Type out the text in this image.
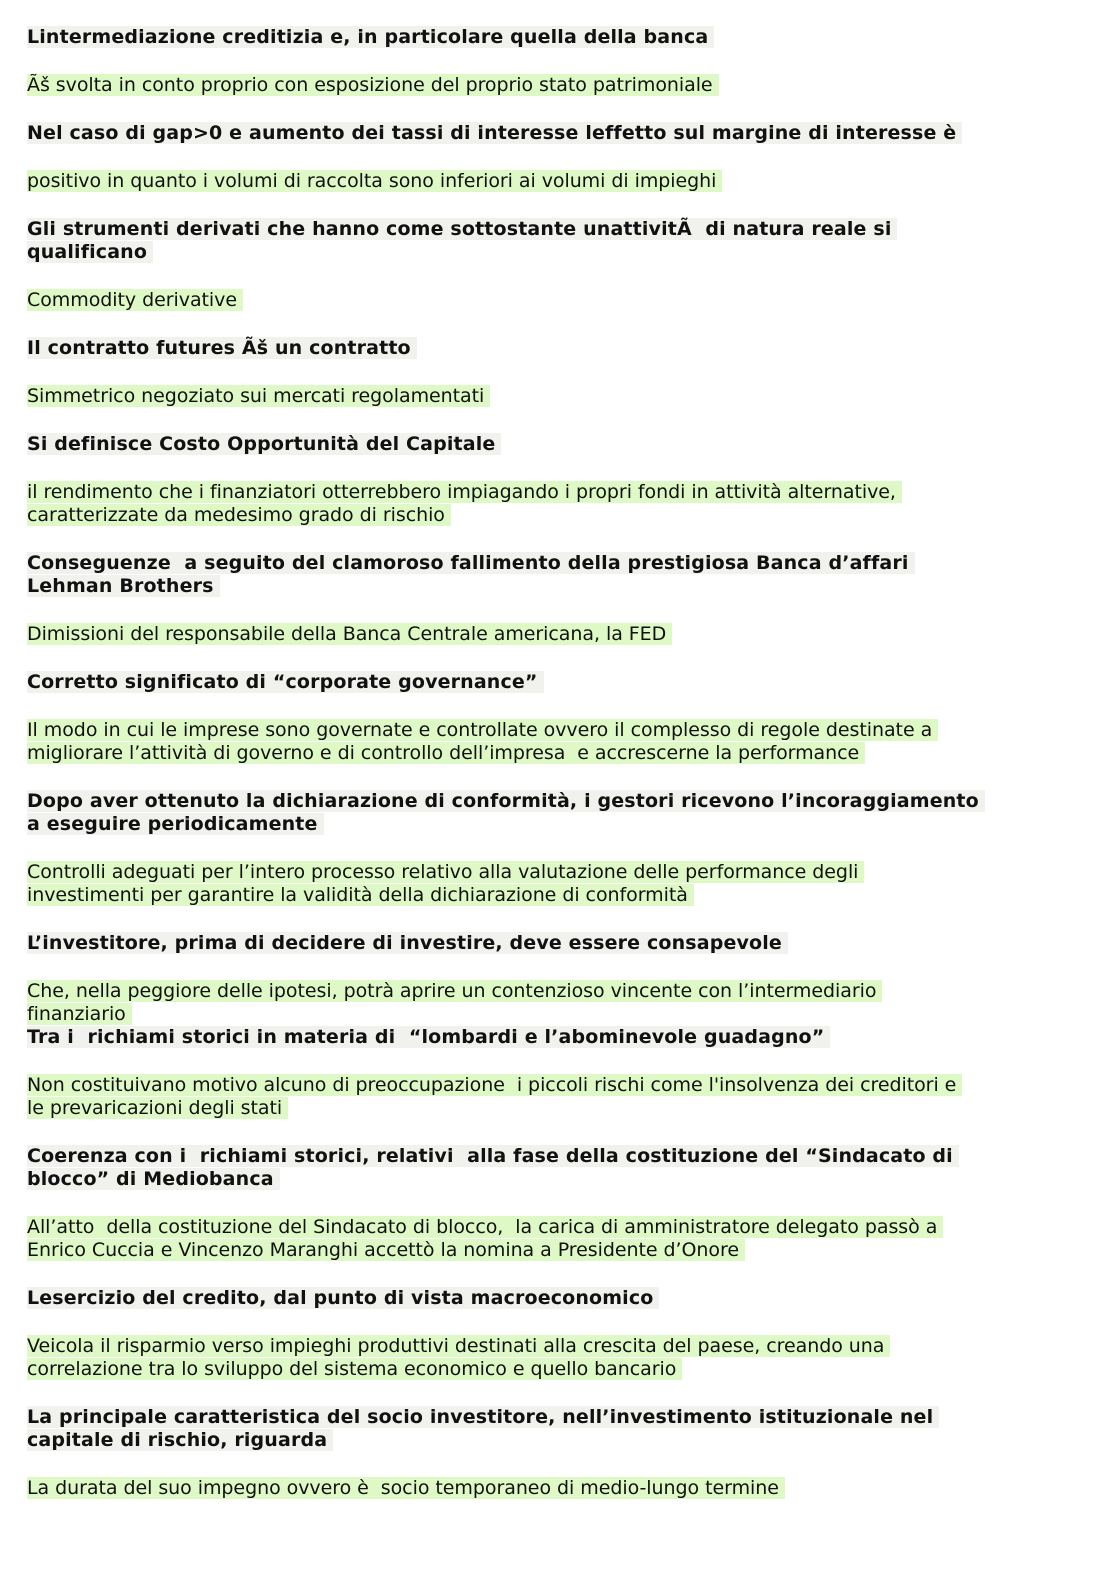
Lintermediazione creditizia e, in particolare quella della banca

Ãš svolta in conto proprio con esposizione del proprio stato patrimoniale

Nel caso di gap>0 e aumento dei tassi di interesse leffetto sul margine di interesse è

positivo in quanto i volumi di raccolta sono inferiori ai volumi di impieghi

Gli strumenti derivati che hanno come sottostante unattivitÃ  di natura reale si
qualificano

Commodity derivative

Il contratto futures Ãš un contratto

Simmetrico negoziato sui mercati regolamentati

Si definisce Costo Opportunità del Capitale

il rendimento che i finanziatori otterrebbero impiagando i propri fondi in attività alternative,
caratterizzate da medesimo grado di rischio

Conseguenze  a seguito del clamoroso fallimento della prestigiosa Banca d’affari
Lehman Brothers

Dimissioni del responsabile della Banca Centrale americana, la FED

Corretto significato di “corporate governance”

Il modo in cui le imprese sono governate e controllate ovvero il complesso di regole destinate a
migliorare l’attività di governo e di controllo dell’impresa  e accrescerne la performance

Dopo aver ottenuto la dichiarazione di conformità, i gestori ricevono l’incoraggiamento
a eseguire periodicamente

Controlli adeguati per l’intero processo relativo alla valutazione delle performance degli
investimenti per garantire la validità della dichiarazione di conformità

L’investitore, prima di decidere di investire, deve essere consapevole

Che, nella peggiore delle ipotesi, potrà aprire un contenzioso vincente con l’intermediario
finanziario

Tra i  richiami storici in materia di  “lombardi e l’abominevole guadagno”

Non costituivano motivo alcuno di preoccupazione  i piccoli rischi come l'insolvenza dei creditori e
le prevaricazioni degli stati

Coerenza con i  richiami storici, relativi  alla fase della costituzione del “Sindacato di
blocco” di Mediobanca

All’atto  della costituzione del Sindacato di blocco,  la carica di amministratore delegato passò a
Enrico Cuccia e Vincenzo Maranghi accettò la nomina a Presidente d’Onore

Lesercizio del credito, dal punto di vista macroeconomico

Veicola il risparmio verso impieghi produttivi destinati alla crescita del paese, creando una
correlazione tra lo sviluppo del sistema economico e quello bancario

La principale caratteristica del socio investitore, nell’investimento istituzionale nel
capitale di rischio, riguarda

La durata del suo impegno ovvero è  socio temporaneo di medio-lungo termine
